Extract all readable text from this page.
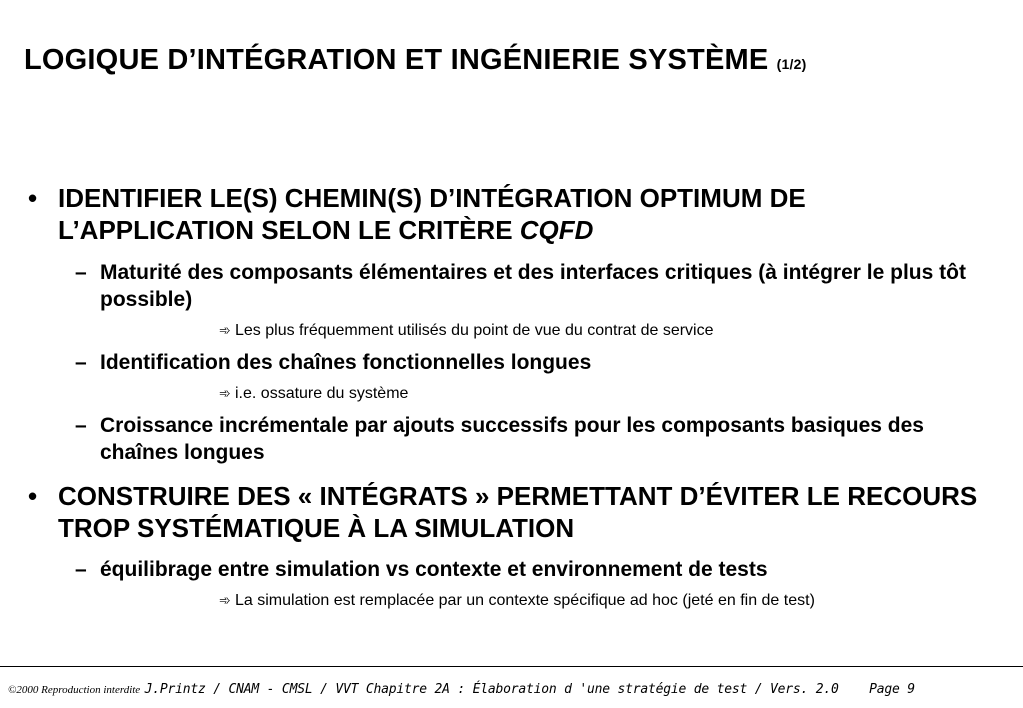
LOGIQUE D’INTÉGRATION ET INGÉNIERIE SYSTÈME (1/2)
• IDENTIFIER LE(S) CHEMIN(S) D’INTÉGRATION OPTIMUM DE L’APPLICATION SELON LE CRITÈRE CQFD
– Maturité des composants élémentaires et des interfaces critiques (à intégrer le plus tôt possible)
➾ Les plus fréquemment utilisés du point de vue du contrat de service
– Identification des chaînes fonctionnelles longues
➾ i.e. ossature du système
– Croissance incrémentale par ajouts successifs pour les composants basiques des chaînes longues
• CONSTRUIRE DES « INTÉGRATS » PERMETTANT D’ÉVITER LE RECOURS TROP SYSTÉMATIQUE À LA SIMULATION
– équilibrage entre simulation vs contexte et environnement de tests
➾ La simulation est remplacée par un contexte spécifique ad hoc (jeté en fin de test)
©2000 Reproduction interdite J.Printz / CNAM - CMSL / VVT Chapitre 2A : Élaboration d 'une stratégie de test / Vers. 2.0 Page 9
